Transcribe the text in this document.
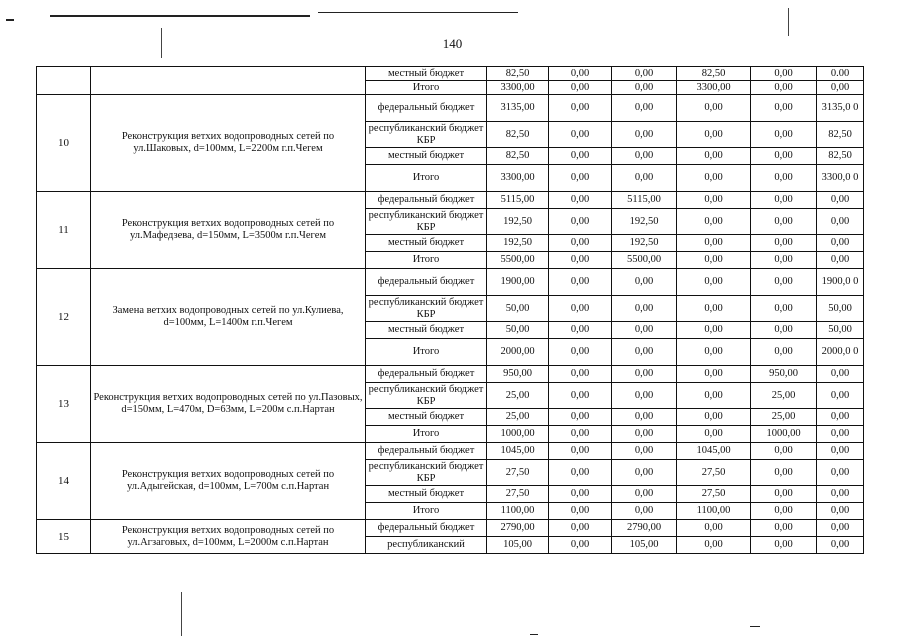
140
		местный бюджет	82,50	0,00	0,00	82,50	0,00	0.00
		Итого	3300,00	0,00	0,00	3300,00	0,00	0,00
10	Реконструкция ветхих водопроводных сетей по ул.Шаковых, d=100мм, L=2200м г.п.Чегем	федеральный бюджет	3135,00	0,00	0,00	0,00	0,00	3135,0 0
		республиканский бюджет КБР	82,50	0,00	0,00	0,00	0,00	82,50
		местный бюджет	82,50	0,00	0,00	0,00	0,00	82,50
		Итого	3300,00	0,00	0,00	0,00	0,00	3300,0 0
11	Реконструкция ветхих водопроводных сетей по ул.Мафедзева, d=150мм, L=3500м г.п.Чегем	федеральный бюджет	5115,00	0,00	5115,00	0,00	0,00	0,00
		республиканский бюджет КБР	192,50	0,00	192,50	0,00	0,00	0,00
		местный бюджет	192,50	0,00	192,50	0,00	0,00	0,00
		Итого	5500,00	0,00	5500,00	0,00	0,00	0,00
12	Замена ветхих водопроводных сетей по ул.Кулиева, d=100мм, L=1400м г.п.Чегем	федеральный бюджет	1900,00	0,00	0,00	0,00	0,00	1900,0 0
		республиканский бюджет КБР	50,00	0,00	0,00	0,00	0,00	50,00
		местный бюджет	50,00	0,00	0,00	0,00	0,00	50,00
		Итого	2000,00	0,00	0,00	0,00	0,00	2000,0 0
13	Реконструкция ветхих водопроводных сетей по ул.Пазовых, d=150мм, L=470м, D=63мм, L=200м с.п.Нартан	федеральный бюджет	950,00	0,00	0,00	0,00	950,00	0,00
		республиканский бюджет КБР	25,00	0,00	0,00	0,00	25,00	0,00
		местный бюджет	25,00	0,00	0,00	0,00	25,00	0,00
		Итого	1000,00	0,00	0,00	0,00	1000,00	0,00
14	Реконструкция ветхих водопроводных сетей по ул.Адыгейская, d=100мм, L=700м с.п.Нартан	федеральный бюджет	1045,00	0,00	0,00	1045,00	0,00	0,00
		республиканский бюджет КБР	27,50	0,00	0,00	27,50	0,00	0,00
		местный бюджет	27,50	0,00	0,00	27,50	0,00	0,00
		Итого	1100,00	0,00	0,00	1100,00	0,00	0,00
15	Реконструкция ветхих водопроводных сетей по ул.Агзаговых, d=100мм, L=2000м с.п.Нартан	федеральный бюджет	2790,00	0,00	2790,00	0,00	0,00	0,00
		республиканский	105,00	0,00	105,00	0,00	0,00	0,00
